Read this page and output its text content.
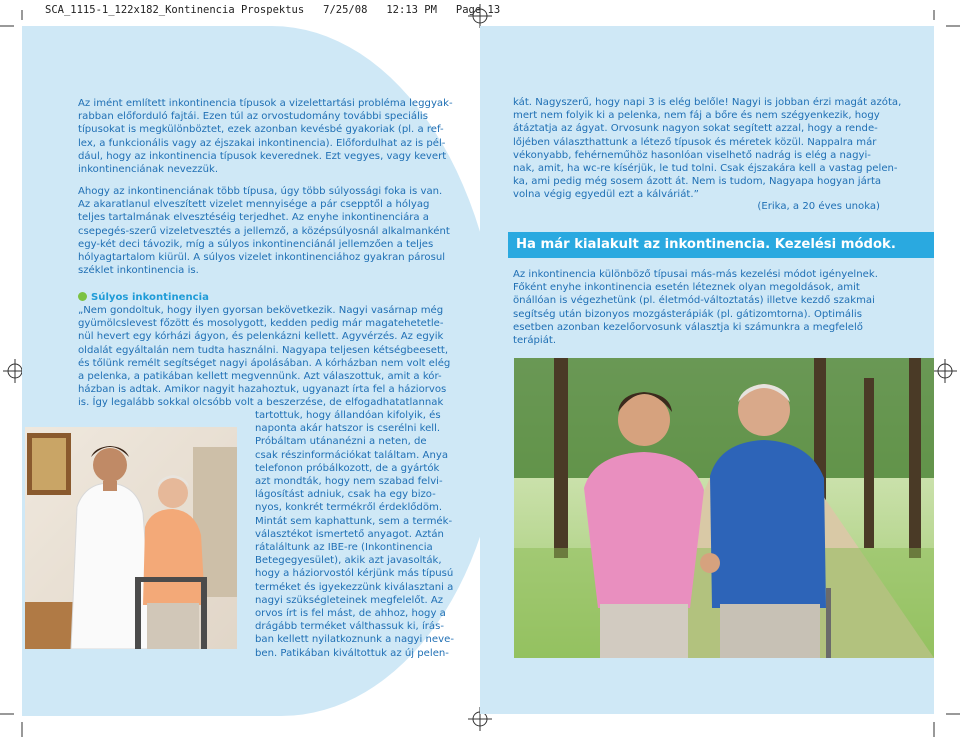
SCA_1115-1_122x182_Kontinencia Prospektus   7/25/08   12:13 PM   Page 13
Az imént említett inkontinencia típusok a vizelettartási probléma leggyak-
rabban előforduló fajtái. Ezen túl az orvostudomány további speciális
típusokat is megkülönböztet, ezek azonban kevésbé gyakoriak (pl. a ref-
lex, a funkcionális vagy az éjszakai inkontinencia). Előfordulhat az is pél-
dául, hogy az inkontinencia típusok keverednek. Ezt vegyes, vagy kevert
inkontinenciának nevezzük.
Ahogy az inkontinenciának több típusa, úgy több súlyossági foka is van.
Az akaratlanul elveszített vizelet mennyisége a pár csepptől a hólyag
teljes tartalmának elvesztéséig terjedhet. Az enyhe inkontinenciára a
csepegés-szerű vizeletvesztés a jellemző, a középsúlyosnál alkalmanként
egy-két deci távozik, míg a súlyos inkontinenciánál jellemzően a teljes
hólyagtartalom kiürül. A súlyos vizelet inkontinenciához gyakran párosul
széklet inkontinencia is.
Súlyos inkontinencia
„Nem gondoltuk, hogy ilyen gyorsan bekövetkezik. Nagyi vasárnap még
gyümölcslevest főzött és mosolygott, kedden pedig már magatehetetle-
nül hevert egy kórházi ágyon, és pelenkázni kellett. Agyvérzés. Az egyik
oldalát egyáltalán nem tudta használni. Nagyapa teljesen kétségbeesett,
és tőlünk remélt segítséget nagyi ápolásában. A kórházban nem volt elég
a pelenka, a patikában kellett megvennünk. Azt válaszottuk, amit a kór-
házban is adtak. Amikor nagyit hazahoztuk, ugyanazt írta fel a háziorvos
is. Így legalább sokkal olcsóbb volt a beszerzése, de elfogadhatatlannak
tartottuk, hogy állandóan kifolyik, és
naponta akár hatszor is cserélni kell.
Próbáltam utánanézni a neten, de
csak részinformációkat találtam. Anya
telefonon próbálkozott, de a gyártók
azt mondták, hogy nem szabad felvi-
lágosítást adniuk, csak ha egy bizo-
nyos, konkrét termékről érdeklődöm.
Mintát sem kaphattunk, sem a termék-
választékot ismertető anyagot. Aztán
rátaláltunk az IBE-re (Inkontinencia
Betegegyesület), akik azt javasolták,
hogy a háziorvostól kérjünk más típusú
terméket és igyekezzünk kiválasztani a
nagyi szükségleteinek megfelelőt. Az
orvos írt is fel mást, de ahhoz, hogy a
drágább terméket válthassuk ki, írás-
ban kellett nyilatkoznunk a nagyi neve-
ben. Patikában kiváltottuk az új pelen-
kát. Nagyszerű, hogy napi 3 is elég belőle! Nagyi is jobban érzi magát azóta,
mert nem folyik ki a pelenka, nem fáj a bőre és nem szégyenkezik, hogy
átáztatja az ágyat. Orvosunk nagyon sokat segített azzal, hogy a rende-
lőjében választhattunk a létező típusok és méretek közül. Nappalra már
vékonyabb, fehérneműhöz hasonlóan viselhető nadrág is elég a nagyi-
nak, amit, ha wc-re kísérjük, le tud tolni. Csak éjszakára kell a vastag pelen-
ka, ami pedig még sosem ázott át. Nem is tudom, Nagyapa hogyan járta
volna végig egyedül ezt a kálváriát.”
(Erika, a 20 éves unoka)
Ha már kialakult az inkontinencia. Kezelési módok.
Az inkontinencia különböző típusai más-más kezelési módot igényelnek.
Főként enyhe inkontinencia esetén léteznek olyan megoldások, amit
önállóan is végezhetünk (pl. életmód-változtatás) illetve kezdő szakmai
segítség után bizonyos mozgásterápiák (pl. gátizomtorna). Optimális
esetben azonban kezelőorvosunk választja ki számunkra a megfelelő
terápiát.
